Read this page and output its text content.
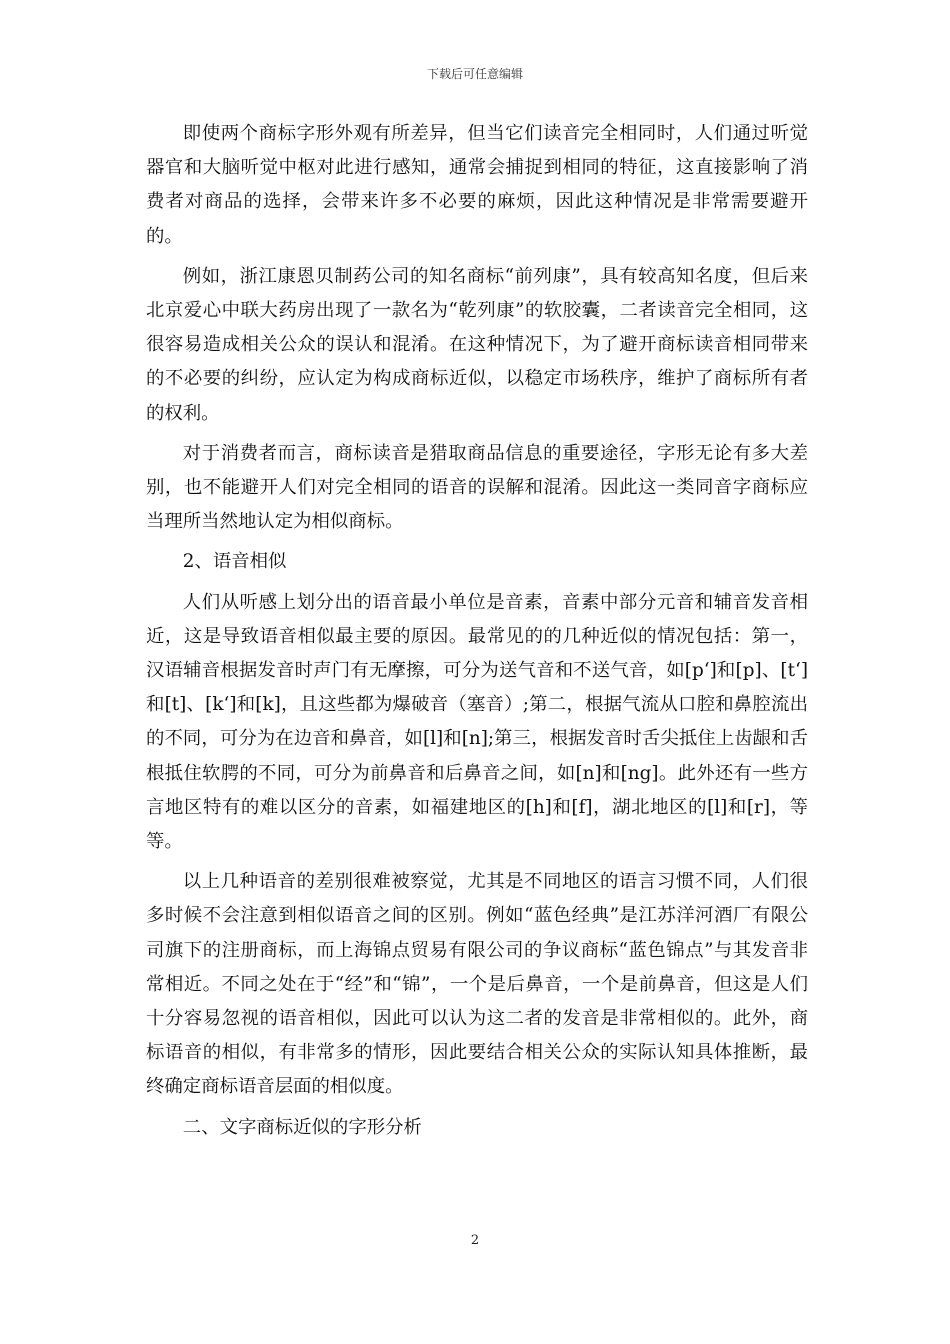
下载后可任意编辑

即使两个商标字形外观有所差异，但当它们读音完全相同时，人们通过听觉器官和大脑听觉中枢对此进行感知，通常会捕捉到相同的特征，这直接影响了消费者对商品的选择，会带来许多不必要的麻烦，因此这种情况是非常需要避开的。

例如，浙江康恩贝制药公司的知名商标“前列康”，具有较高知名度，但后来北京爱心中联大药房出现了一款名为“乾列康”的软胶囊，二者读音完全相同，这很容易造成相关公众的误认和混淆。在这种情况下，为了避开商标读音相同带来的不必要的纠纷，应认定为构成商标近似，以稳定市场秩序，维护了商标所有者的权利。

对于消费者而言，商标读音是猎取商品信息的重要途径，字形无论有多大差别，也不能避开人们对完全相同的语音的误解和混淆。因此这一类同音字商标应当理所当然地认定为相似商标。

2、语音相似

人们从听感上划分出的语音最小单位是音素，音素中部分元音和辅音发音相近，这是导致语音相似最主要的原因。最常见的的几种近似的情况包括：第一，汉语辅音根据发音时声门有无摩擦，可分为送气音和不送气音，如[p‘]和[p]、[t‘]和[t]、[k‘]和[k]，且这些都为爆破音（塞音）;第二，根据气流从口腔和鼻腔流出的不同，可分为在边音和鼻音，如[l]和[n];第三，根据发音时舌尖抵住上齿龈和舌根抵住软腭的不同，可分为前鼻音和后鼻音之间，如[n]和[ng]。此外还有一些方言地区特有的难以区分的音素，如福建地区的[h]和[f]，湖北地区的[l]和[r]，等等。

以上几种语音的差别很难被察觉，尤其是不同地区的语言习惯不同，人们很多时候不会注意到相似语音之间的区别。例如“蓝色经典”是江苏洋河酒厂有限公司旗下的注册商标，而上海锦点贸易有限公司的争议商标“蓝色锦点”与其发音非常相近。不同之处在于“经”和“锦”，一个是后鼻音，一个是前鼻音，但这是人们十分容易忽视的语音相似，因此可以认为这二者的发音是非常相似的。此外，商标语音的相似，有非常多的情形，因此要结合相关公众的实际认知具体推断，最终确定商标语音层面的相似度。

二、文字商标近似的字形分析

2
